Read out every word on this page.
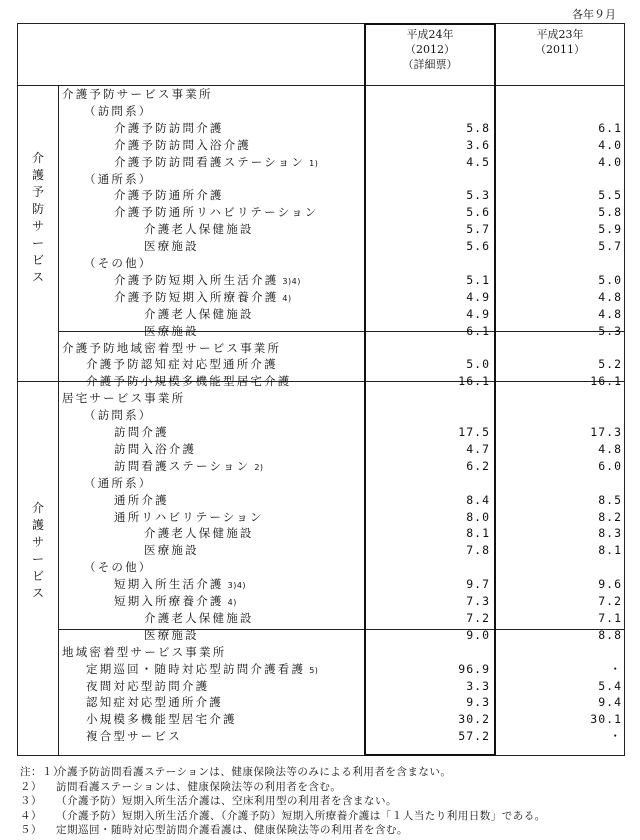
各年９月
平成24年
（2012）
（詳細票）
平成23年
（2011）
介
護
予
防
サ
ー
ビ
ス
介
護
サ
ー
ビ
ス
介護予防サービス事業所
（訪問系）
介護予防訪問介護	5.8	6.1
介護予防訪問入浴介護	3.6	4.0
介護予防訪問看護ステーション 1)	4.5	4.0
（通所系）
介護予防通所介護	5.3	5.5
介護予防通所リハビリテーション	5.6	5.8
介護老人保健施設	5.7	5.9
医療施設	5.6	5.7
（その他）
介護予防短期入所生活介護 3)4)	5.1	5.0
介護予防短期入所療養介護 4)	4.9	4.8
介護老人保健施設	4.9	4.8
医療施設	6.1	5.3
介護予防地域密着型サービス事業所
介護予防認知症対応型通所介護	5.0	5.2
介護予防小規模多機能型居宅介護	16.1	16.1
居宅サービス事業所
（訪問系）
訪問介護	17.5	17.3
訪問入浴介護	4.7	4.8
訪問看護ステーション 2)	6.2	6.0
（通所系）
通所介護	8.4	8.5
通所リハビリテーション	8.0	8.2
介護老人保健施設	8.1	8.3
医療施設	7.8	8.1
（その他）
短期入所生活介護 3)4)	9.7	9.6
短期入所療養介護 4)	7.3	7.2
介護老人保健施設	7.2	7.1
医療施設	9.0	8.8
地域密着型サービス事業所
定期巡回・随時対応型訪問介護看護 5)	96.9	・
夜間対応型訪問介護	3.3	5.4
認知症対応型通所介護	9.3	9.4
小規模多機能型居宅介護	30.2	30.1
複合型サービス	57.2	・
注：１）
介護予防訪問看護ステーションは、健康保険法等のみによる利用者を含まない。
２） 訪問看護ステーションは、健康保険法等の利用者を含む。
３） （介護予防）短期入所生活介護は、空床利用型の利用者を含まない。
４） （介護予防）短期入所生活介護、（介護予防）短期入所療養介護は「１人当たり利用日数」である。
５） 定期巡回・随時対応型訪問介護看護は、健康保険法等の利用者を含む。
